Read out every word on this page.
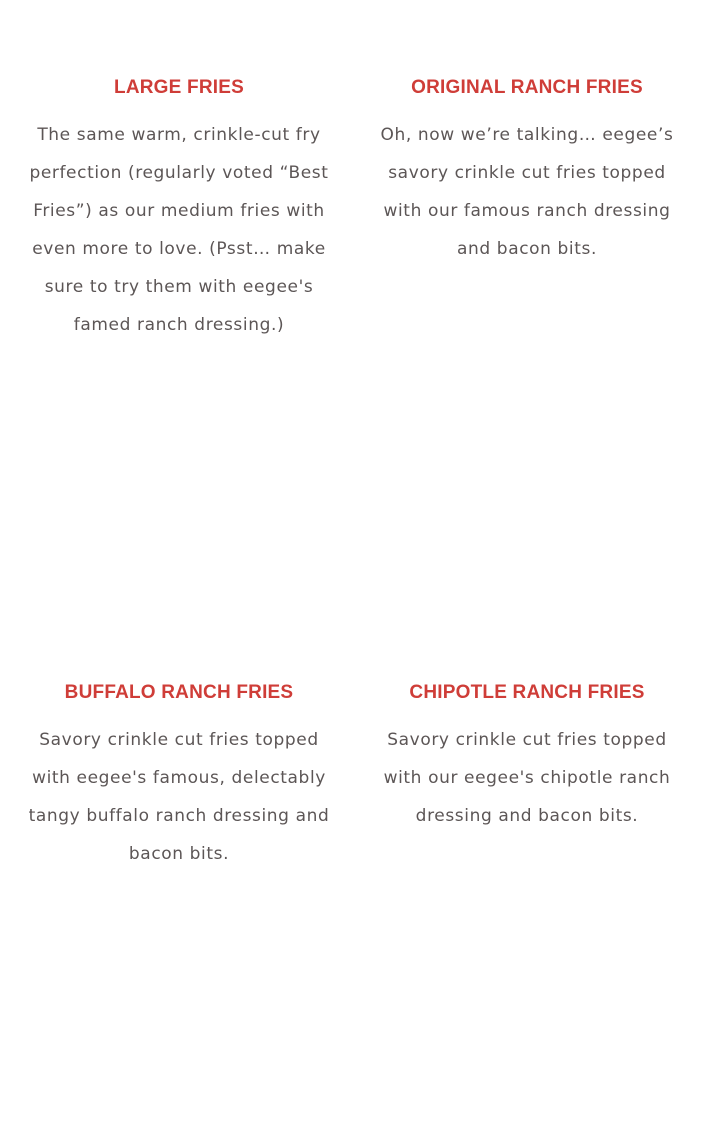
LARGE FRIES

The same warm, crinkle-cut fry perfection (regularly voted “Best Fries”) as our medium fries with even more to love. (Psst… make sure to try them with eegee's famed ranch dressing.)

ORIGINAL RANCH FRIES

Oh, now we’re talking… eegee’s savory crinkle cut fries topped with our famous ranch dressing and bacon bits.

BUFFALO RANCH FRIES

Savory crinkle cut fries topped with eegee's famous, delectably tangy buffalo ranch dressing and bacon bits.

CHIPOTLE RANCH FRIES

Savory crinkle cut fries topped with our eegee's chipotle ranch dressing and bacon bits.
